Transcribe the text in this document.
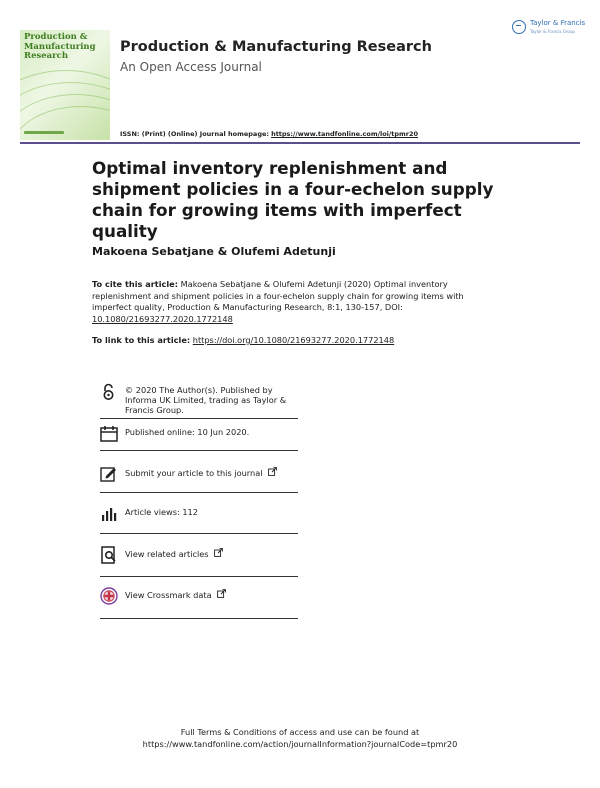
Production & Manufacturing Research
Production & Manufacturing Research
An Open Access Journal
Taylor & Francis
Taylor & Francis Group
ISSN: (Print) (Online) Journal homepage: https://www.tandfonline.com/loi/tpmr20
Optimal inventory replenishment and shipment policies in a four-echelon supply chain for growing items with imperfect quality
Makoena Sebatjane & Olufemi Adetunji
To cite this article: Makoena Sebatjane & Olufemi Adetunji (2020) Optimal inventory replenishment and shipment policies in a four-echelon supply chain for growing items with imperfect quality, Production & Manufacturing Research, 8:1, 130-157, DOI: 10.1080/21693277.2020.1772148
To link to this article: https://doi.org/10.1080/21693277.2020.1772148
© 2020 The Author(s). Published by Informa UK Limited, trading as Taylor & Francis Group.
Published online: 10 Jun 2020.
Submit your article to this journal
Article views: 112
View related articles
View Crossmark data
Full Terms & Conditions of access and use can be found at
https://www.tandfonline.com/action/journalInformation?journalCode=tpmr20
